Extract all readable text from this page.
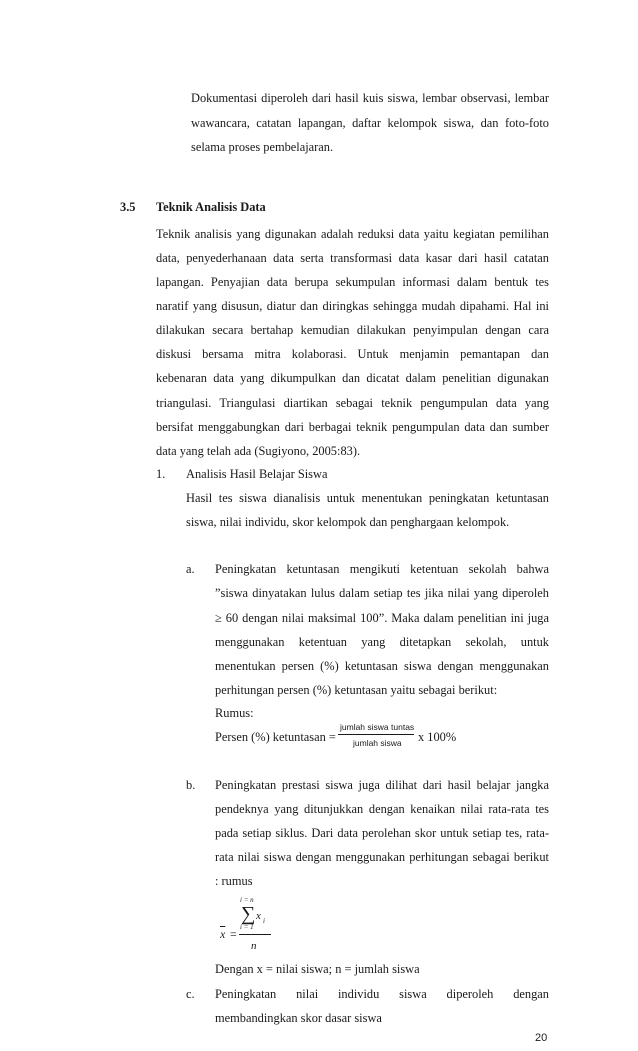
Dokumentasi diperoleh dari hasil kuis siswa, lembar observasi, lembar
wawancara, catatan lapangan, daftar kelompok siswa, dan foto-foto
selama proses pembelajaran.
3.5 Teknik Analisis Data
Teknik analisis yang digunakan adalah reduksi data yaitu kegiatan pemilihan
data, penyederhanaan data serta transformasi data kasar dari hasil catatan
lapangan. Penyajian data berupa sekumpulan informasi dalam bentuk tes
naratif yang disusun, diatur dan diringkas sehingga mudah dipahami. Hal ini
dilakukan secara bertahap kemudian dilakukan penyimpulan dengan cara
diskusi bersama mitra kolaborasi. Untuk menjamin pemantapan dan
kebenaran data yang dikumpulkan dan dicatat dalam penelitian digunakan
triangulasi. Triangulasi diartikan sebagai teknik pengumpulan data yang
bersifat menggabungkan dari berbagai teknik pengumpulan data dan sumber
data yang telah ada (Sugiyono, 2005:83).
1. Analisis Hasil Belajar Siswa
Hasil tes siswa dianalisis untuk menentukan peningkatan ketuntasan
siswa, nilai individu, skor kelompok dan penghargaan kelompok.
a. Peningkatan ketuntasan mengikuti ketentuan sekolah bahwa
”siswa dinyatakan lulus dalam setiap tes jika nilai yang diperoleh
≥ 60 dengan nilai maksimal 100”. Maka dalam penelitian ini juga
menggunakan ketentuan yang ditetapkan sekolah, untuk
menentukan persen (%) ketuntasan siswa dengan menggunakan
perhitungan persen (%) ketuntasan yaitu sebagai berikut:
Rumus:
Persen (%) ketuntasan =
jumlah siswa tuntas
jumlah siswa x 100%
b. Peningkatan prestasi siswa juga dilihat dari hasil belajar jangka
pendeknya yang ditunjukkan dengan kenaikan nilai rata-rata tes
pada setiap siklus. Dari data perolehan skor untuk setiap tes, rata-
rata nilai siswa dengan menggunakan perhitungan sebagai berikut
: rumus
i = n
∑ x i
i = 1
$\overline{x}$ =
n
Dengan x = nilai siswa; n = jumlah siswa
c. Peningkatan nilai individu siswa diperoleh dengan
membandingkan skor dasar siswa
20
